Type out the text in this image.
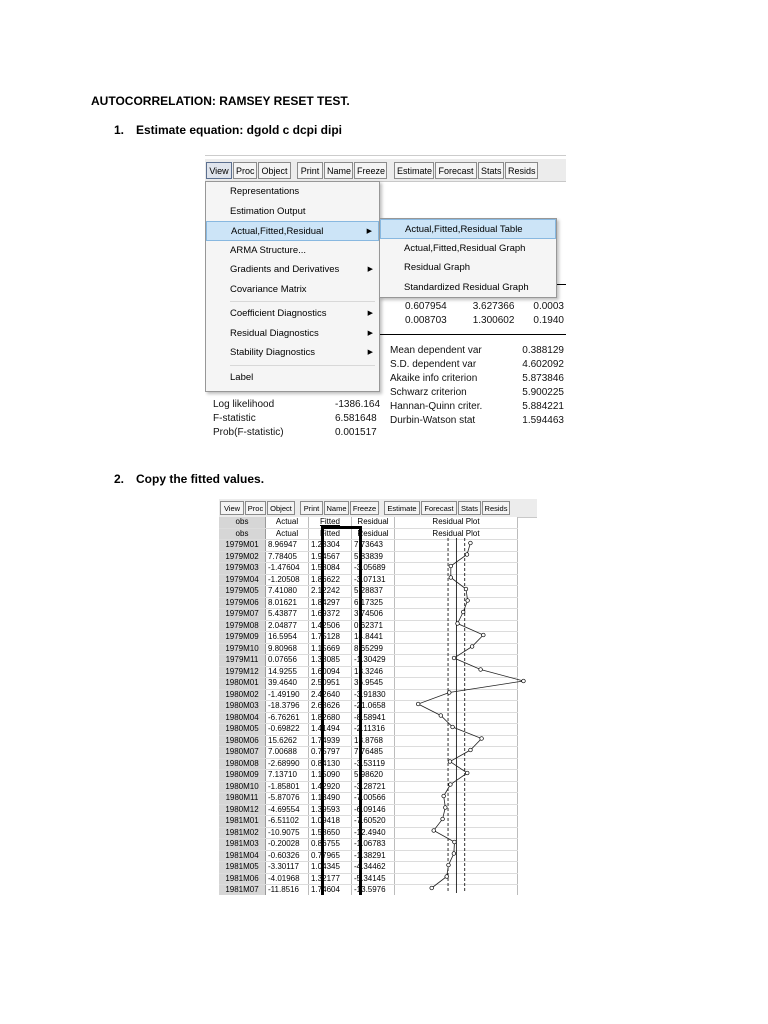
AUTOCORRELATION: RAMSEY RESET TEST.
1. Estimate equation: dgold c dcpi dipi
View Proc Object	Print Name Freeze	Estimate Forecast Stats Resids
0.607954	3.627366	0.0003
0.008703	1.300602	0.1940
Mean dependent var	0.388129
S.D. dependent var	4.602092
Akaike info criterion	5.873846
Schwarz criterion	5.900225
Hannan-Quinn criter.	5.884221
Durbin-Watson stat	1.594463
Log likelihood	-1386.164
F-statistic	6.581648
Prob(F-statistic)	0.001517
Representations
Estimation Output
Actual,Fitted,Residual	▶
ARMA Structure...
Gradients and Derivatives	▶
Covariance Matrix
Coefficient Diagnostics	▶
Residual Diagnostics	▶
Stability Diagnostics	▶
Label
Actual,Fitted,Residual Table
Actual,Fitted,Residual Graph
Residual Graph
Standardized Residual Graph
2. Copy the fitted values.
View	Proc Object	Print Name Freeze	Estimate	Forecast Stats Resids
obs	Actual	Fitted	Residual	Residual Plot
obs	Actual	Fitted	Residual	Residual Plot
1979M01	8.96947	1.23304	7.73643	
1979M02	7.78405	1.94567	5.83839	
1979M03	-1.47604	1.58084	-3.05689	
1979M04	-1.20508	1.86622	-3.07131	
1979M05	7.41080	2.12242	5.28837	
1979M06	8.01621	1.84297	6.17325	
1979M07	5.43877	1.69372	3.74506	
1979M08	2.04877	1.42506	0.62371	
1979M09	16.5954	1.75128	14.8441	
1979M10	9.80968	1.15669	8.65299	
1979M11	0.07656	1.38085	-1.30429	
1979M12	14.9255	1.60094	13.3246	
1980M01	39.4640	2.50951	36.9545	
1980M02	-1.49190	2.42640	-3.91830	
1980M03	-18.3796	2.68626	-21.0658	
1980M04	-6.76261	1.82680	-8.58941	
1980M05	-0.69822	1.41494	-2.11316	
1980M06	15.6262	1.74939	13.8768	
1980M07	7.00688	0.75797	7.76485	
1980M08	-2.68990	0.84130	-3.53119	
1980M09	7.13710	1.15090	5.98620	
1980M10	-1.85801	1.42920	-3.28721	
1980M11	-5.87076	1.13490	-7.00566	
1980M12	-4.69554	1.39593	-6.09146	
1981M01	-6.51102	1.09418	-7.60520	
1981M02	-10.9075	1.58650	-12.4940	
1981M03	-0.20028	0.86755	-1.06783	
1981M04	-0.60326	0.77965	-1.38291	
1981M05	-3.30117	1.04345	-4.34462	
1981M06	-4.01968	1.32177	-5.34145	
1981M07	-11.8516	1.74604	-13.5976	
